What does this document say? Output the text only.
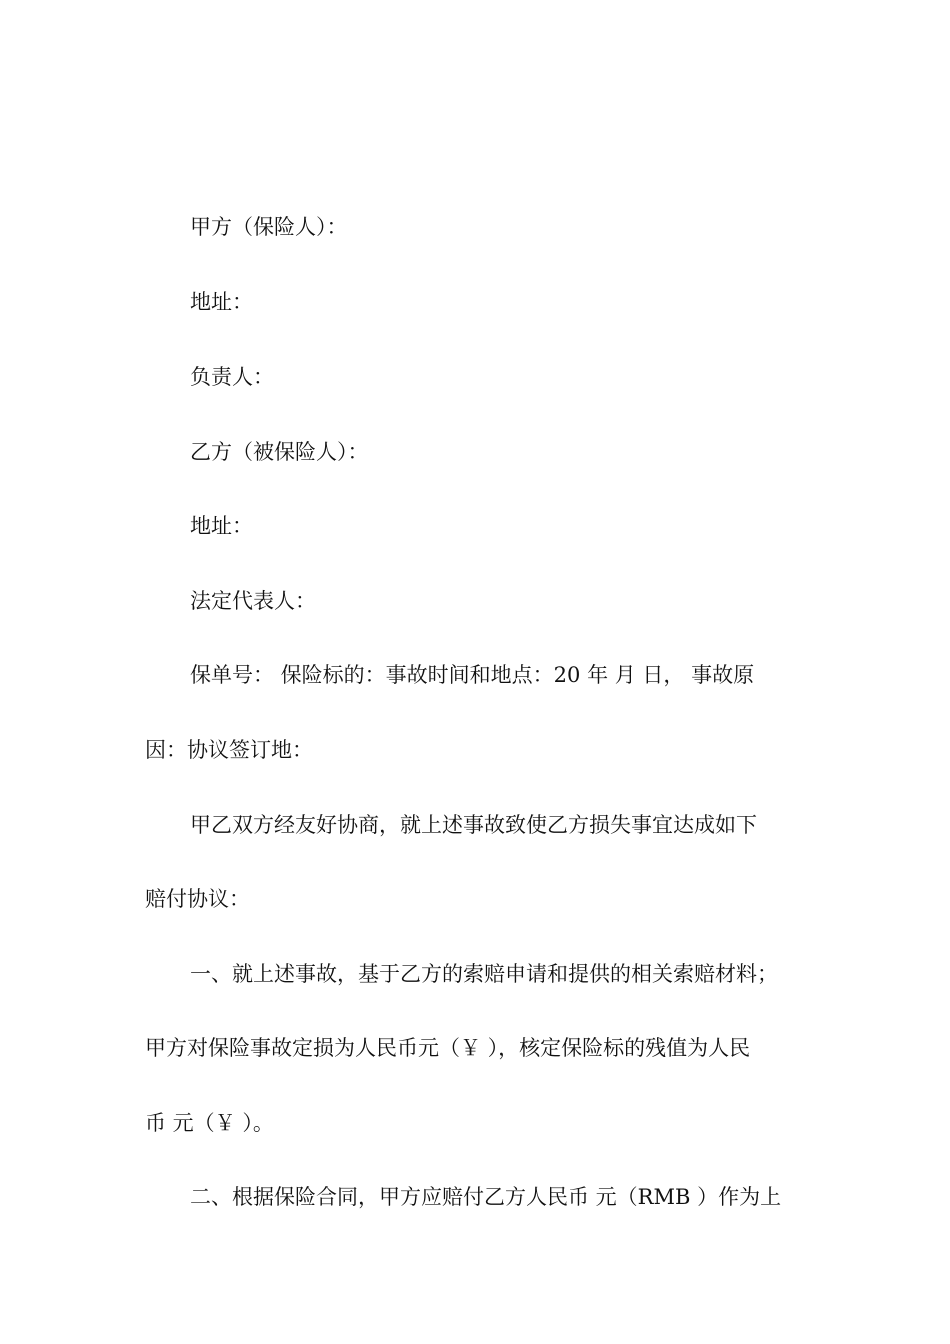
甲方（保险人）：
地址：
负责人：
乙方（被保险人）：
地址：
法定代表人：
保单号： 保险标的：事故时间和地点：20 年 月 日， 事故原
因：协议签订地：
甲乙双方经友好协商，就上述事故致使乙方损失事宜达成如下
赔付协议：
一、就上述事故，基于乙方的索赔申请和提供的相关索赔材料；
甲方对保险事故定损为人民币元（￥ ），核定保险标的残值为人民
币 元（￥ ）。
二、根据保险合同，甲方应赔付乙方人民币 元（RMB ）作为上
